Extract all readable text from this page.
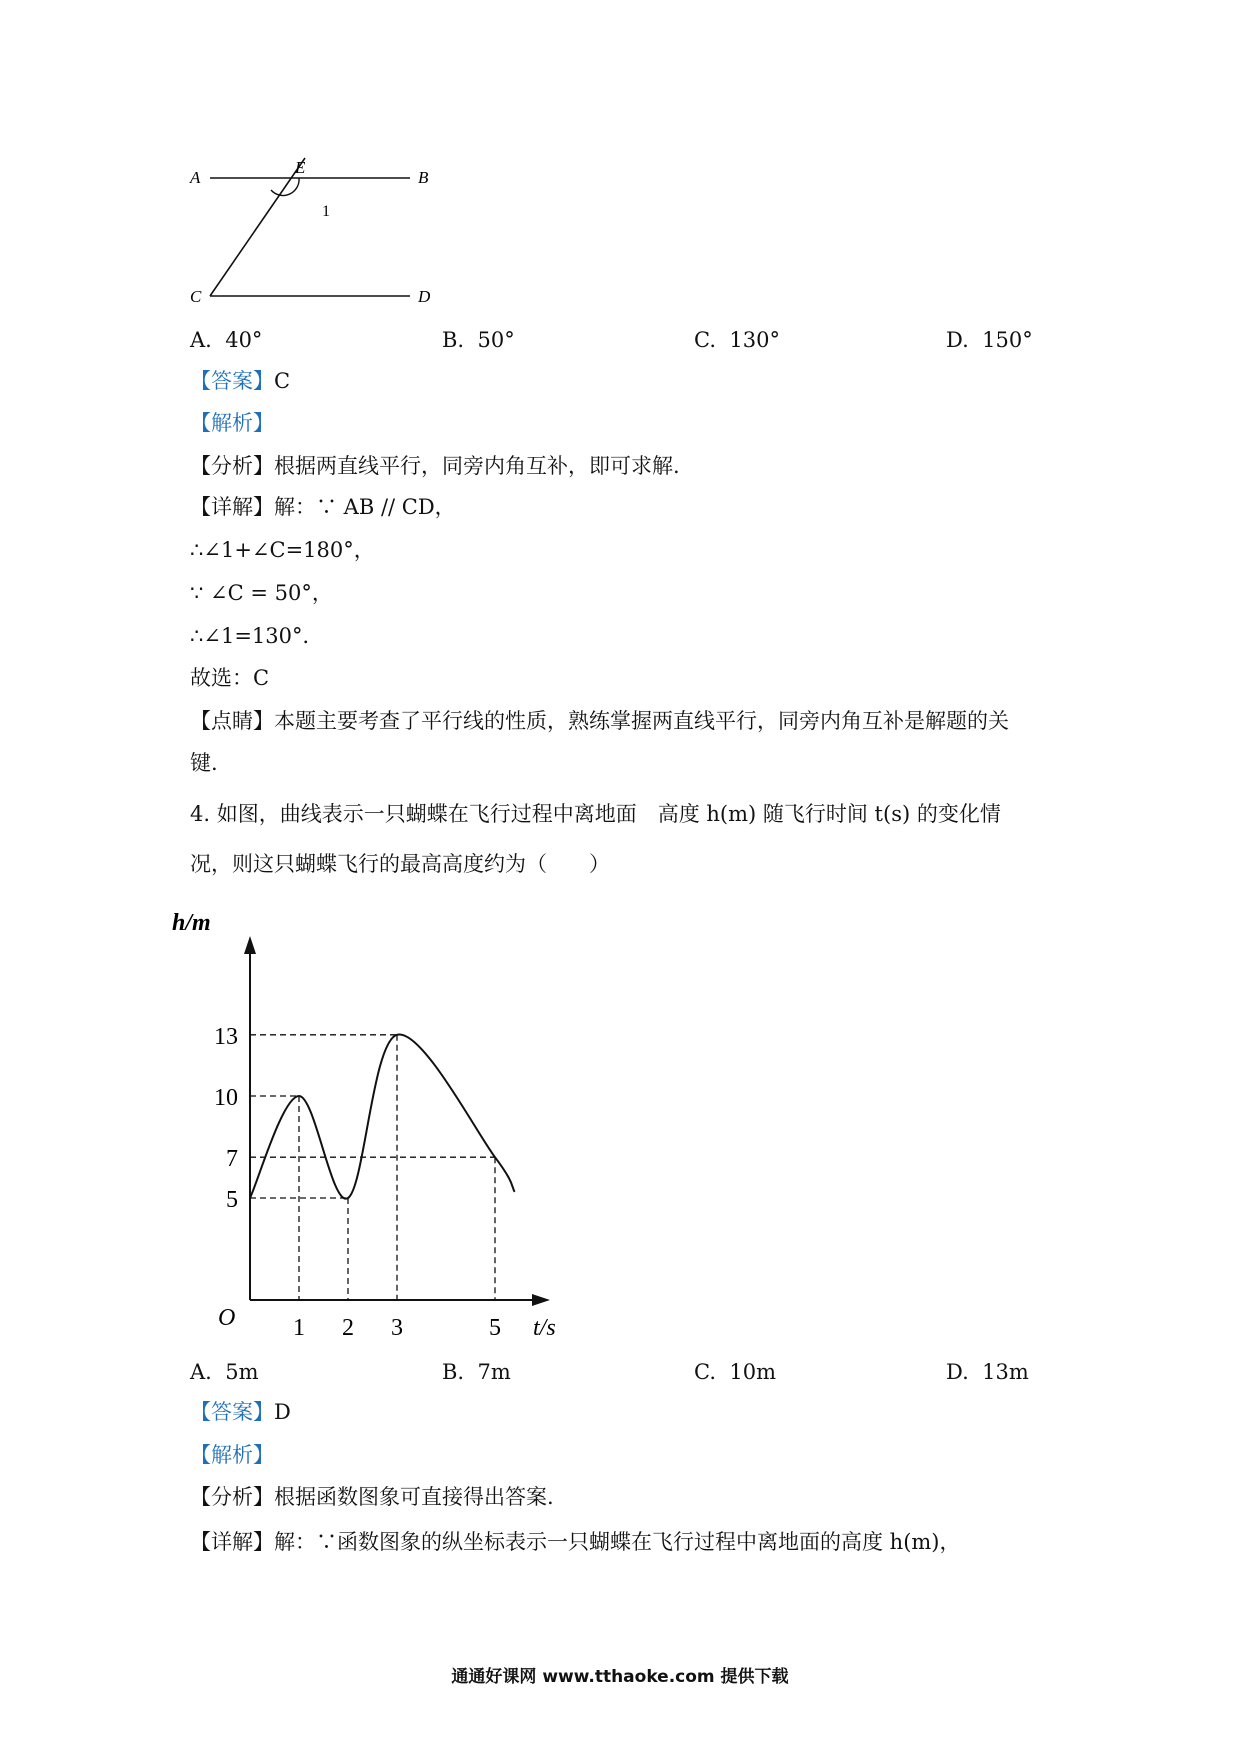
A
E
B
1
C	D
A. 40°	B. 50°	C. 130°	D. 150°
【答案】C
【解析】
【分析】根据两直线平行，同旁内角互补，即可求解.
【详解】解：∵ AB // CD，
∴∠1+∠C=180°，
∵ ∠C = 50°，
∴∠1=130°．
故选：C
【点睛】本题主要考查了平行线的性质，熟练掌握两直线平行，同旁内角互补是解题的关
键.
4. 如图，曲线表示一只蝴蝶在飞行过程中离地面　高度 h(m) 随飞行时间 t(s) 的变化情
况，则这只蝴蝶飞行的最高高度约为（　　）
1 2 3	5
5
7
10
13
O
h/m
t/s
A. 5m	B. 7m	C. 10m	D. 13m
【答案】D
【解析】
【分析】根据函数图象可直接得出答案.
【详解】解：∵函数图象的纵坐标表示一只蝴蝶在飞行过程中离地面的高度 h(m)，
通通好课网 www.tthaoke.com 提供下载
